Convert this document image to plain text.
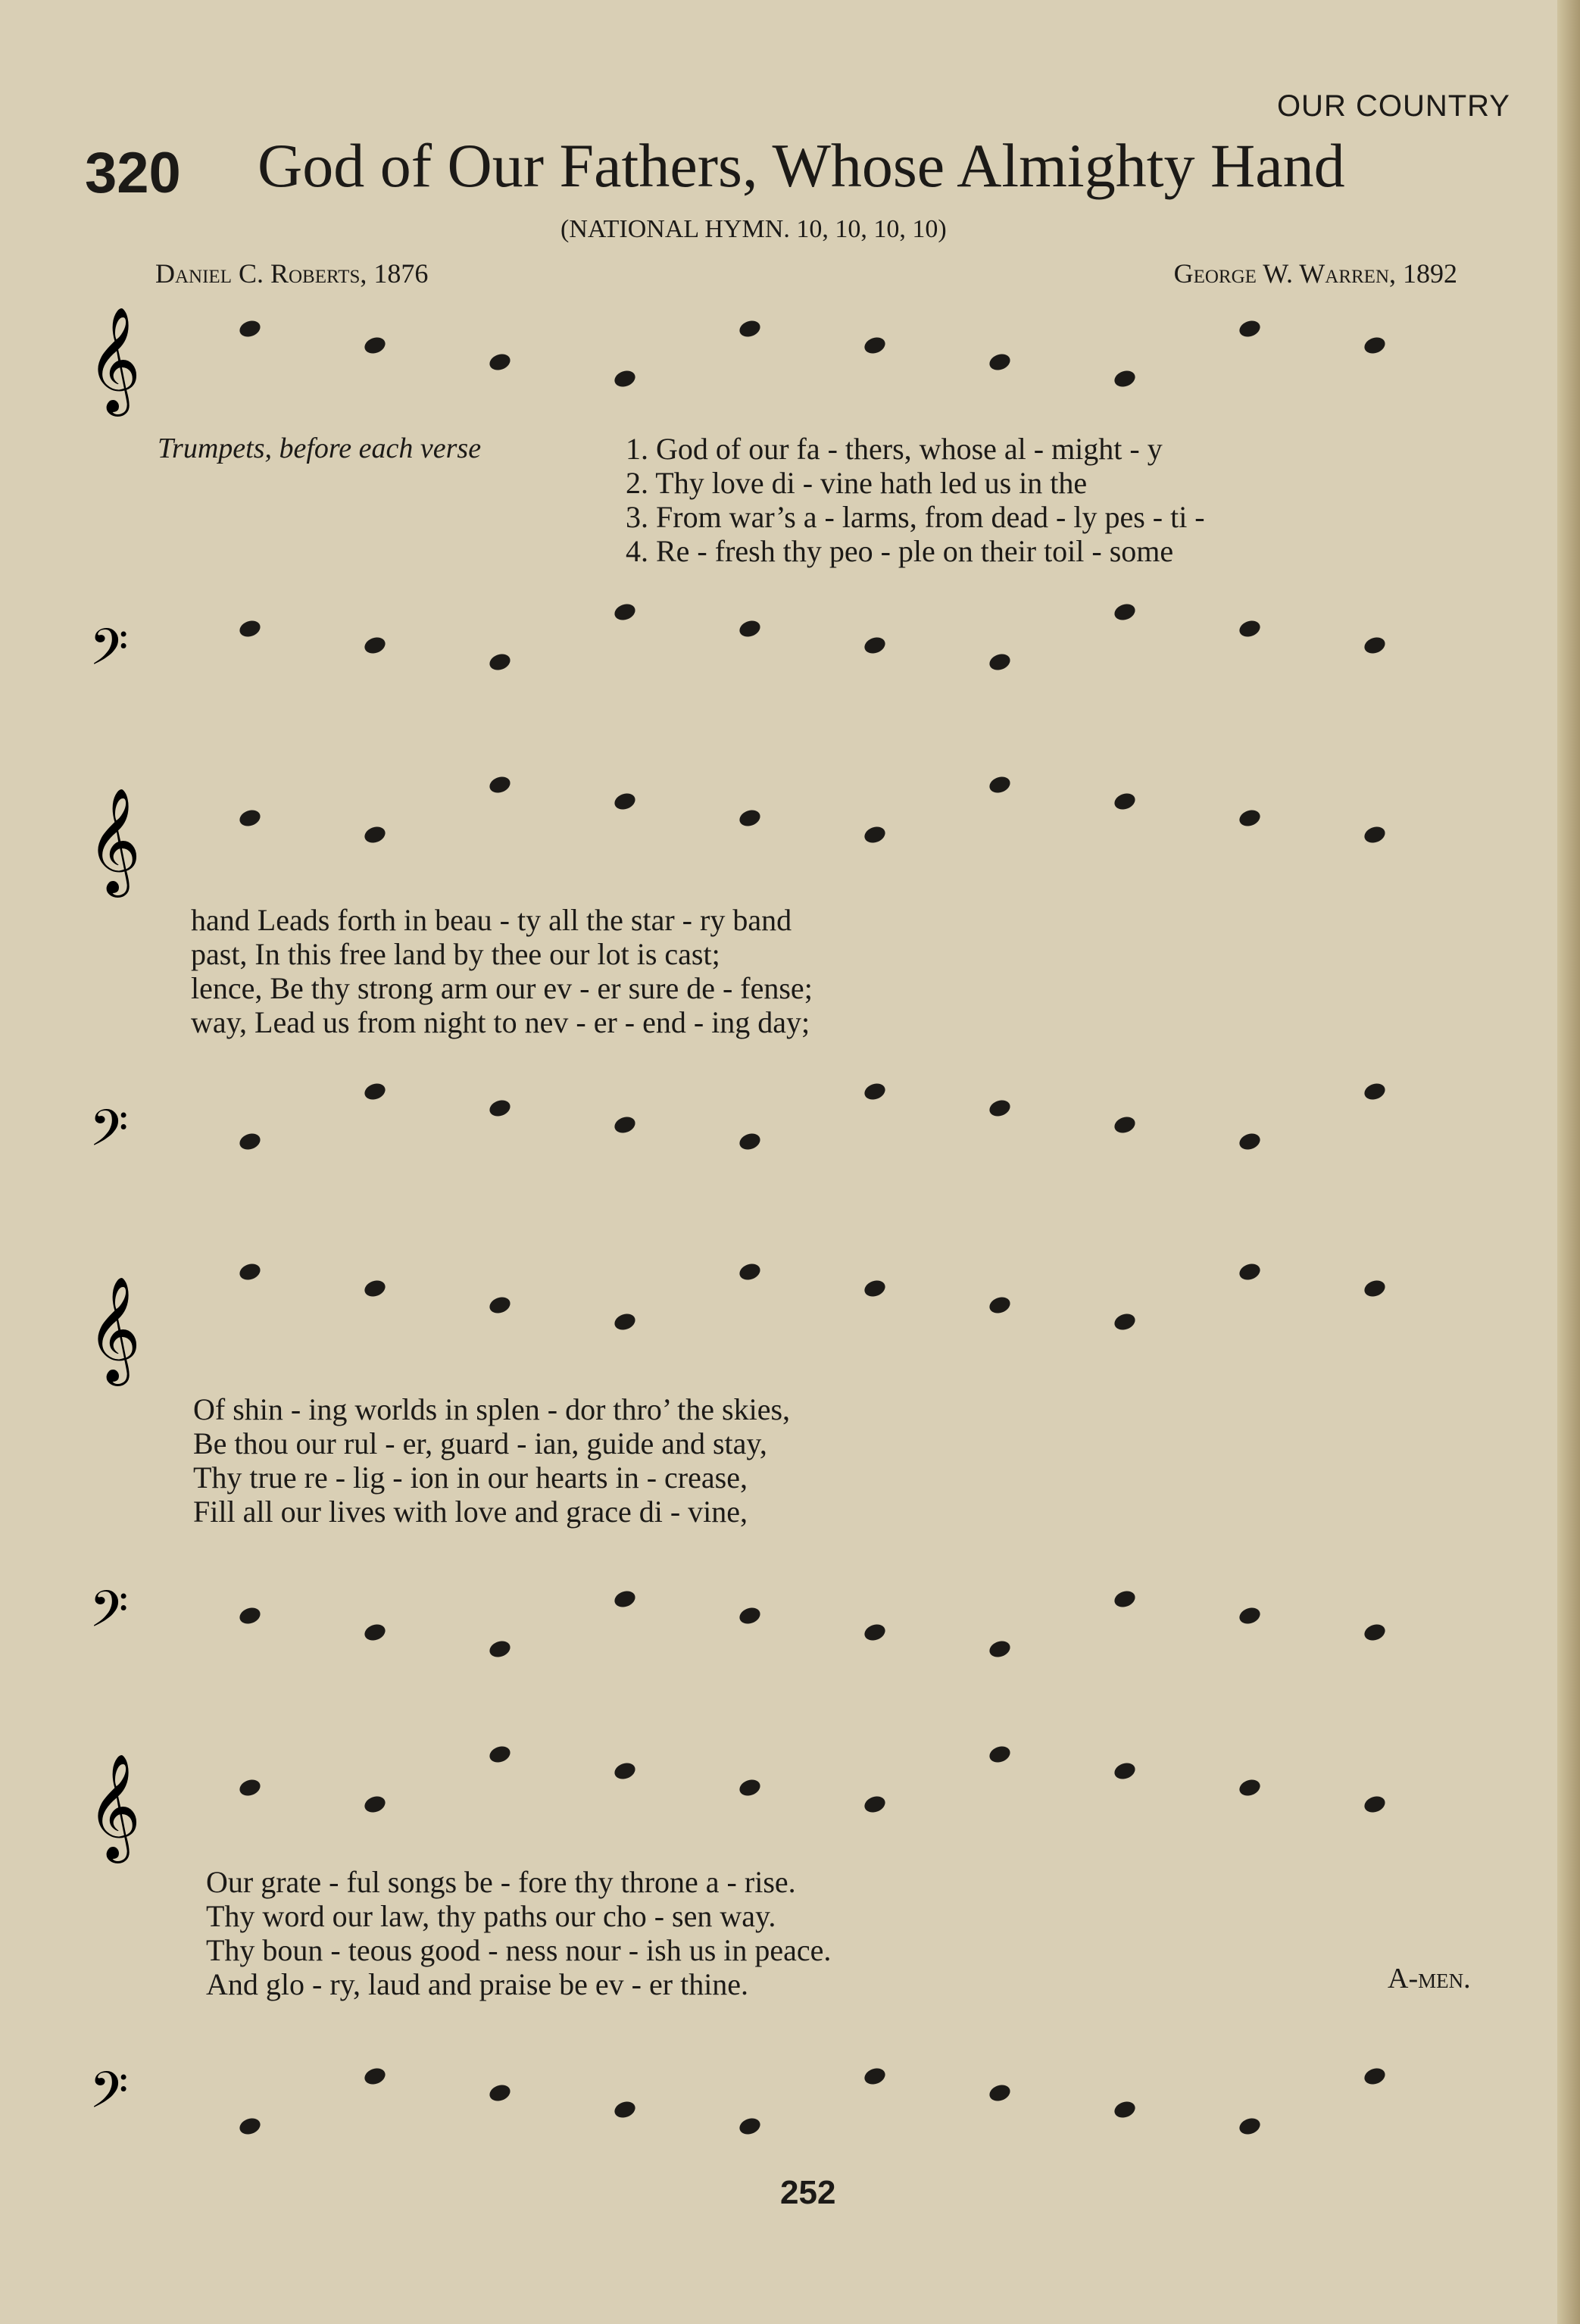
OUR COUNTRY
320 God of Our Fathers, Whose Almighty Hand
(NATIONAL HYMN. 10, 10, 10, 10)
Daniel C. Roberts, 1876	George W. Warren, 1892
Trumpets, before each verse
𝄞
𝄢
𝄞
𝄢
𝄞
𝄢
𝄞
𝄢
1. God of our fa - thers, whose al - might - y
2. Thy love di - vine hath led us in the
3. From war’s a - larms, from dead - ly pes - ti -
4. Re - fresh thy peo - ple on their toil - some
hand Leads forth in beau - ty all the star - ry band
past, In this free land by thee our lot is cast;
lence, Be thy strong arm our ev - er sure de - fense;
way, Lead us from night to nev - er - end - ing day;
Of shin - ing worlds in splen - dor thro’ the skies,
Be thou our rul - er, guard - ian, guide and stay,
Thy true re - lig - ion in our hearts in - crease,
Fill all our lives with love and grace di - vine,
Our grate - ful songs be - fore thy throne a - rise.
Thy word our law, thy paths our cho - sen way.
Thy boun - teous good - ness nour - ish us in peace.
And glo - ry, laud and praise be ev - er thine.	A-men.
252
